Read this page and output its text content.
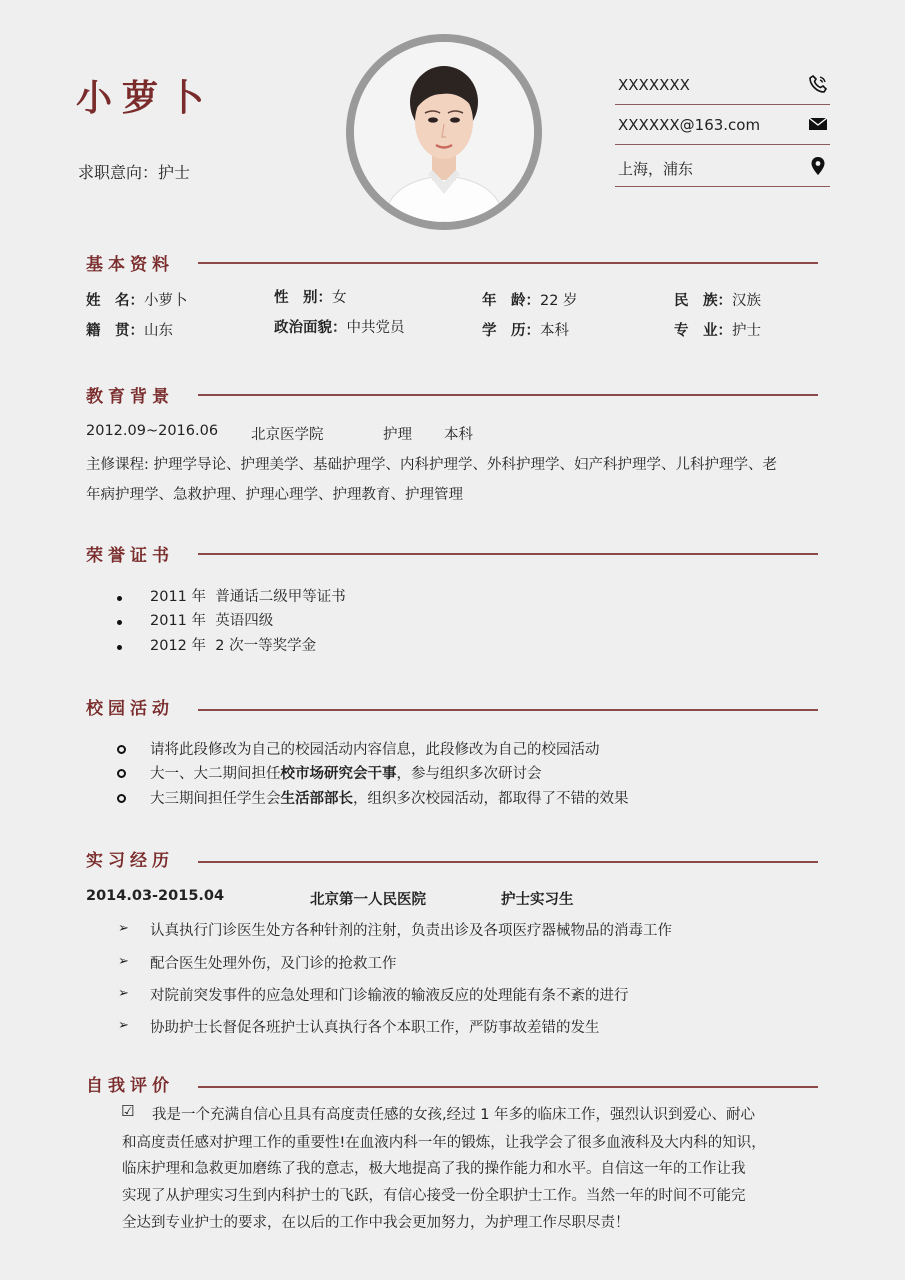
小萝卜
求职意向：护士
XXXXXXX
XXXXXX@163.com
上海，浦东
基本资料
姓　名：小萝卜	性　别：女	年　龄：22 岁	民　族：汉族
籍　贯：山东	政治面貌：中共党员	学　历：本科	专　业：护士
教育背景
2012.09~2016.06 北京医学院	护理 本科
主修课程: 护理学导论、护理美学、基础护理学、内科护理学、外科护理学、妇产科护理学、儿科护理学、老
年病护理学、急救护理、护理心理学、护理教育、护理管理
荣誉证书
2011 年 普通话二级甲等证书
2011 年 英语四级
2012 年 2 次一等奖学金
校园活动
请将此段修改为自己的校园活动内容信息，此段修改为自己的校园活动
大一、大二期间担任校市场研究会干事，参与组织多次研讨会
大三期间担任学生会生活部部长，组织多次校园活动，都取得了不错的效果
实习经历
2014.03-2015.04	北京第一人民医院	护士实习生
➢ 认真执行门诊医生处方各种针剂的注射，负责出诊及各项医疗器械物品的消毒工作
➢ 配合医生处理外伤，及门诊的抢救工作
➢ 对院前突发事件的应急处理和门诊输液的输液反应的处理能有条不紊的进行
➢ 协助护士长督促各班护士认真执行各个本职工作，严防事故差错的发生
自我评价
☑ 我是一个充满自信心且具有高度责任感的女孩,经过 1 年多的临床工作，强烈认识到爱心、耐心
和高度责任感对护理工作的重要性!在血液内科一年的锻炼，让我学会了很多血液科及大内科的知识，
临床护理和急救更加磨练了我的意志，极大地提高了我的操作能力和水平。自信这一年的工作让我
实现了从护理实习生到内科护士的飞跃，有信心接受一份全职护士工作。当然一年的时间不可能完
全达到专业护士的要求，在以后的工作中我会更加努力，为护理工作尽职尽责！
